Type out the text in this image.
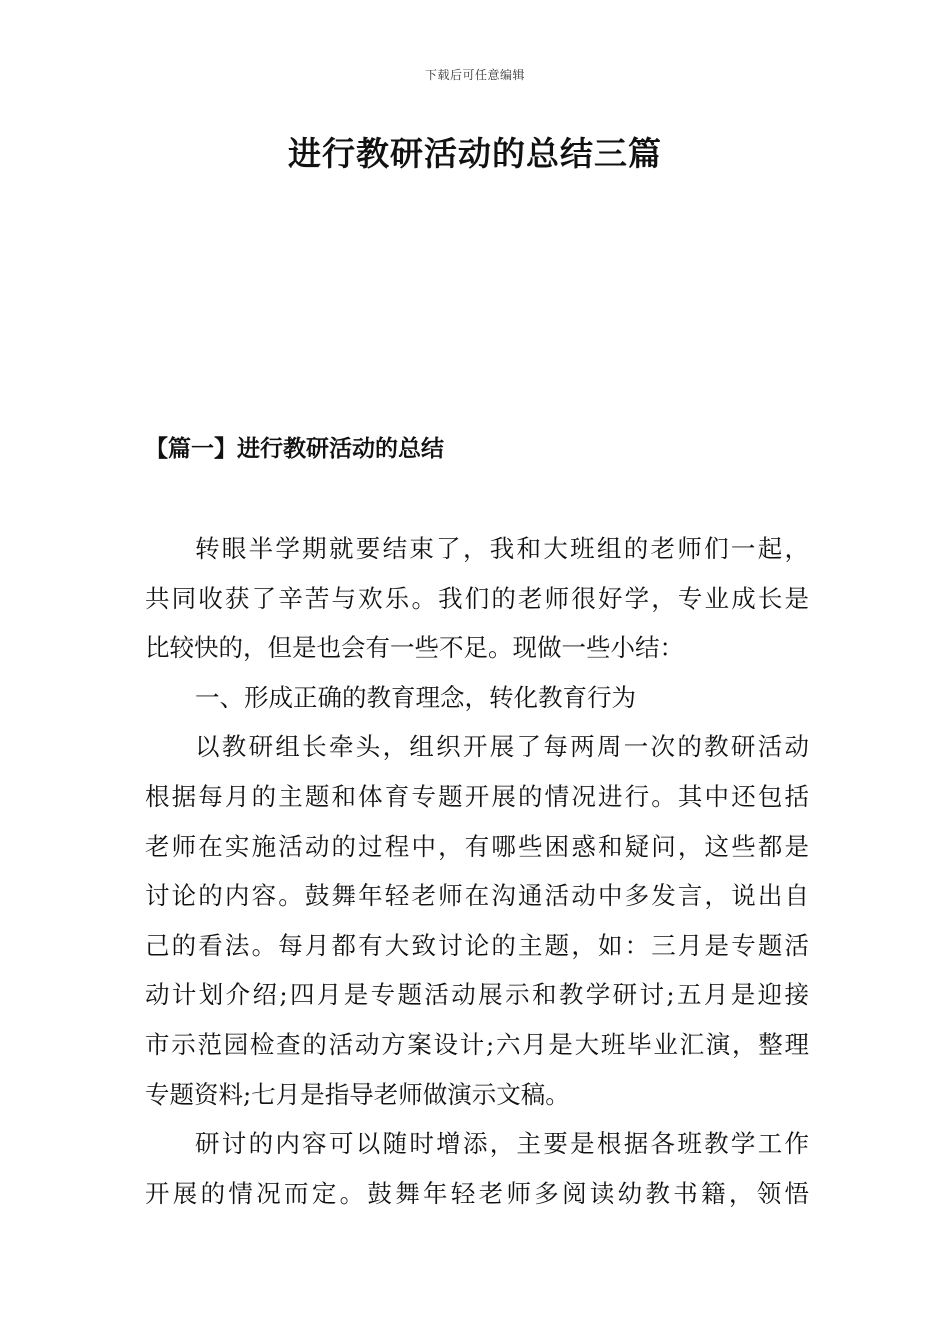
下载后可任意编辑
进行教研活动的总结三篇
【篇一】进行教研活动的总结
转眼半学期就要结束了，我和大班组的老师们一起，
共同收获了辛苦与欢乐。我们的老师很好学，专业成长是
比较快的，但是也会有一些不足。现做一些小结：
一、形成正确的教育理念，转化教育行为
以教研组长牵头，组织开展了每两周一次的教研活动
根据每月的主题和体育专题开展的情况进行。其中还包括
老师在实施活动的过程中，有哪些困惑和疑问，这些都是
讨论的内容。鼓舞年轻老师在沟通活动中多发言，说出自
己的看法。每月都有大致讨论的主题，如：三月是专题活
动计划介绍;四月是专题活动展示和教学研讨;五月是迎接
市示范园检查的活动方案设计;六月是大班毕业汇演，整理
专题资料;七月是指导老师做演示文稿。
研讨的内容可以随时增添，主要是根据各班教学工作
开展的情况而定。鼓舞年轻老师多阅读幼教书籍，领悟
